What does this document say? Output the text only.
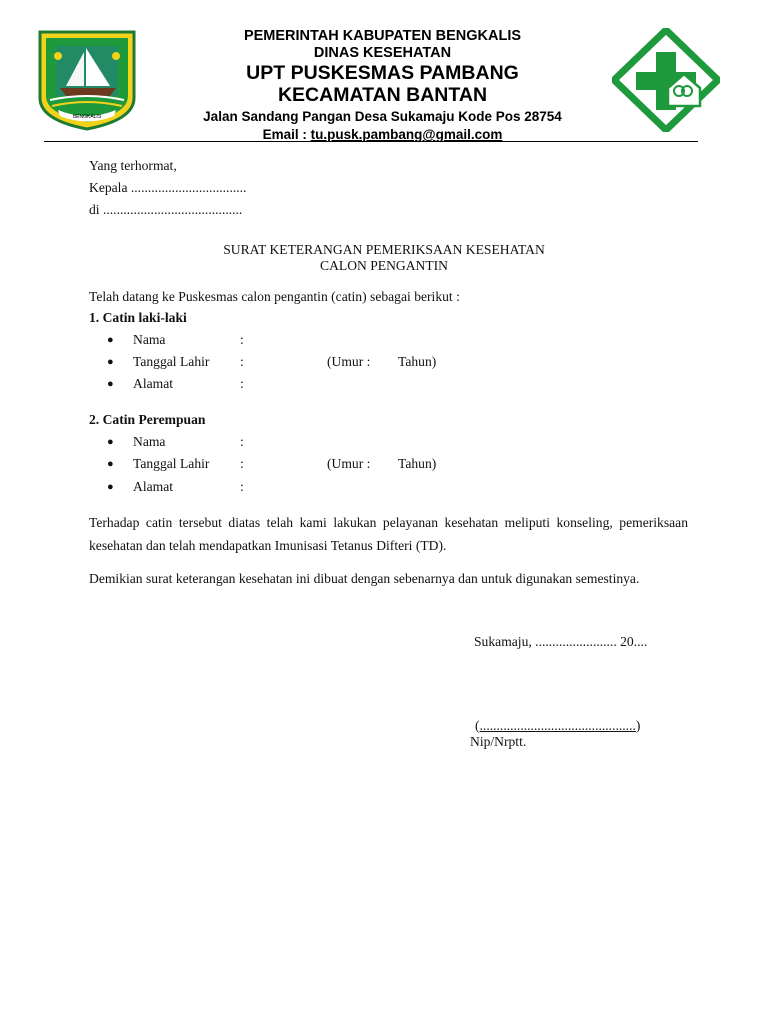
BENGKALIS
PEMERINTAH KABUPATEN BENGKALIS
DINAS KESEHATAN
UPT PUSKESMAS PAMBANG
KECAMATAN BANTAN
Jalan Sandang Pangan Desa Sukamaju Kode Pos 28754
Email : tu.pusk.pambang@gmail.com
Yang terhormat,
Kepala ..................................
di .........................................
SURAT KETERANGAN PEMERIKSAAN KESEHATAN
CALON PENGANTIN
Telah datang ke Puskesmas calon pengantin (catin) sebagai berikut :
1. Catin laki-laki
● Nama	:
● Tanggal Lahir :	(Umur : Tahun)
● Alamat	:
2. Catin Perempuan
● Nama	:
● Tanggal Lahir :	(Umur : Tahun)
● Alamat	:
Terhadap catin tersebut diatas telah kami lakukan pelayanan kesehatan meliputi konseling, pemeriksaan kesehatan dan telah mendapatkan Imunisasi Tetanus Difteri (TD).
Demikian surat keterangan kesehatan ini dibuat dengan sebenarnya dan untuk digunakan semestinya.
Sukamaju, ........................ 20....
(..............................................)
Nip/Nrptt.
